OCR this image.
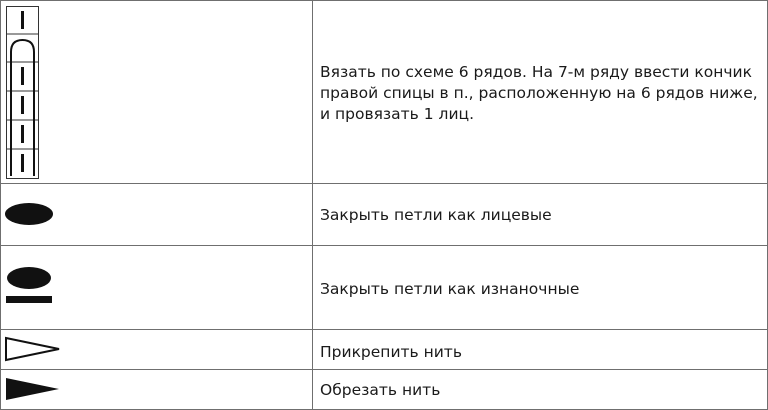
Вязать по схеме 6 рядов. На 7-м ряду ввести кончик
правой спицы в п., расположенную на 6 рядов ниже,
и провязать 1 лиц.
Закрыть петли как лицевые
Закрыть петли как изнаночные
Прикрепить нить
Обрезать нить
